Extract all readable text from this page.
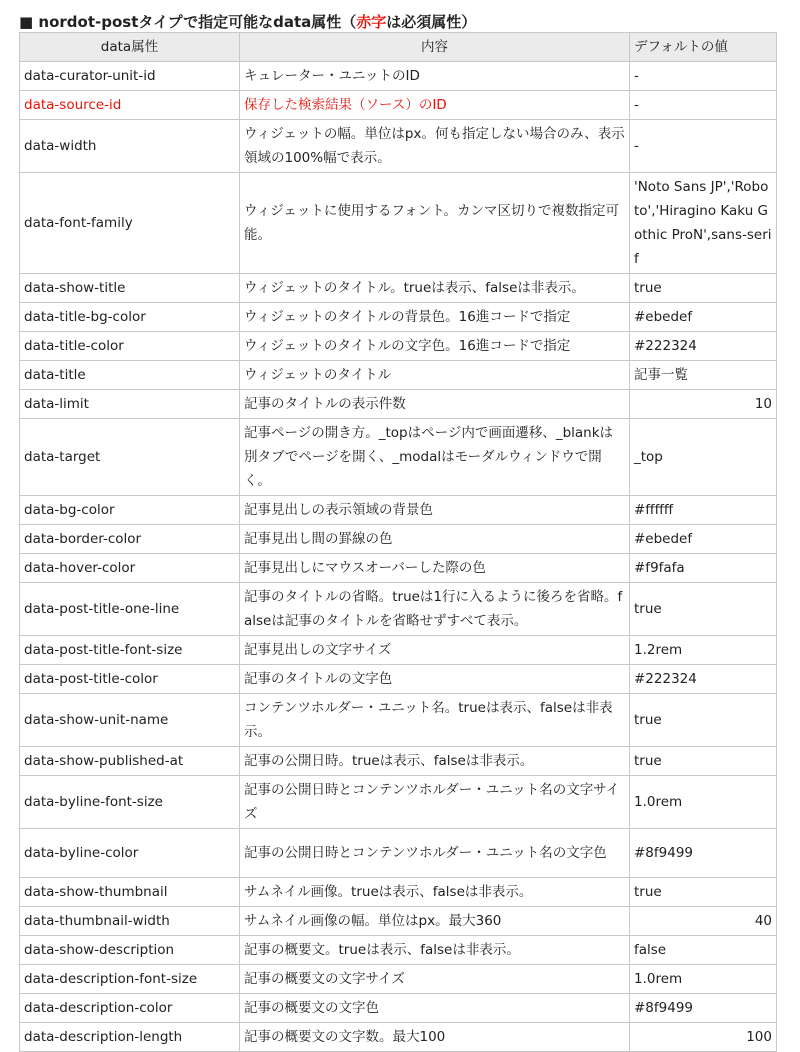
■ nordot-postタイプで指定可能なdata属性（赤字は必須属性）
data属性	内容	デフォルトの値
data-curator-unit-id	キュレーター・ユニットのID	-
data-source-id	保存した検索結果（ソース）のID	-
data-width	ウィジェットの幅。単位はpx。何も指定しない場合のみ、表示領域の100%幅で表示。	-
data-font-family	ウィジェットに使用するフォント。カンマ区切りで複数指定可能。	'Noto Sans JP','Roboto','Hiragino Kaku Gothic ProN',sans-serif
data-show-title	ウィジェットのタイトル。trueは表示、falseは非表示。	true
data-title-bg-color	ウィジェットのタイトルの背景色。16進コードで指定	#ebedef
data-title-color	ウィジェットのタイトルの文字色。16進コードで指定	#222324
data-title	ウィジェットのタイトル	記事一覧
data-limit	記事のタイトルの表示件数	10
data-target	記事ページの開き方。_topはページ内で画面遷移、_blankは別タブでページを開く、_modalはモーダルウィンドウで開く。	_top
data-bg-color	記事見出しの表示領域の背景色	#ffffff
data-border-color	記事見出し間の罫線の色	#ebedef
data-hover-color	記事見出しにマウスオーバーした際の色	#f9fafa
data-post-title-one-line	記事のタイトルの省略。trueは1行に入るように後ろを省略。falseは記事のタイトルを省略せずすべて表示。	true
data-post-title-font-size	記事見出しの文字サイズ	1.2rem
data-post-title-color	記事のタイトルの文字色	#222324
data-show-unit-name	コンテンツホルダー・ユニット名。trueは表示、falseは非表示。	true
data-show-published-at	記事の公開日時。trueは表示、falseは非表示。	true
data-byline-font-size	記事の公開日時とコンテンツホルダー・ユニット名の文字サイズ	1.0rem
data-byline-color	記事の公開日時とコンテンツホルダー・ユニット名の文字色	#8f9499
data-show-thumbnail	サムネイル画像。trueは表示、falseは非表示。	true
data-thumbnail-width	サムネイル画像の幅。単位はpx。最大360	40
data-show-description	記事の概要文。trueは表示、falseは非表示。	false
data-description-font-size	記事の概要文の文字サイズ	1.0rem
data-description-color	記事の概要文の文字色	#8f9499
data-description-length	記事の概要文の文字数。最大100	100
